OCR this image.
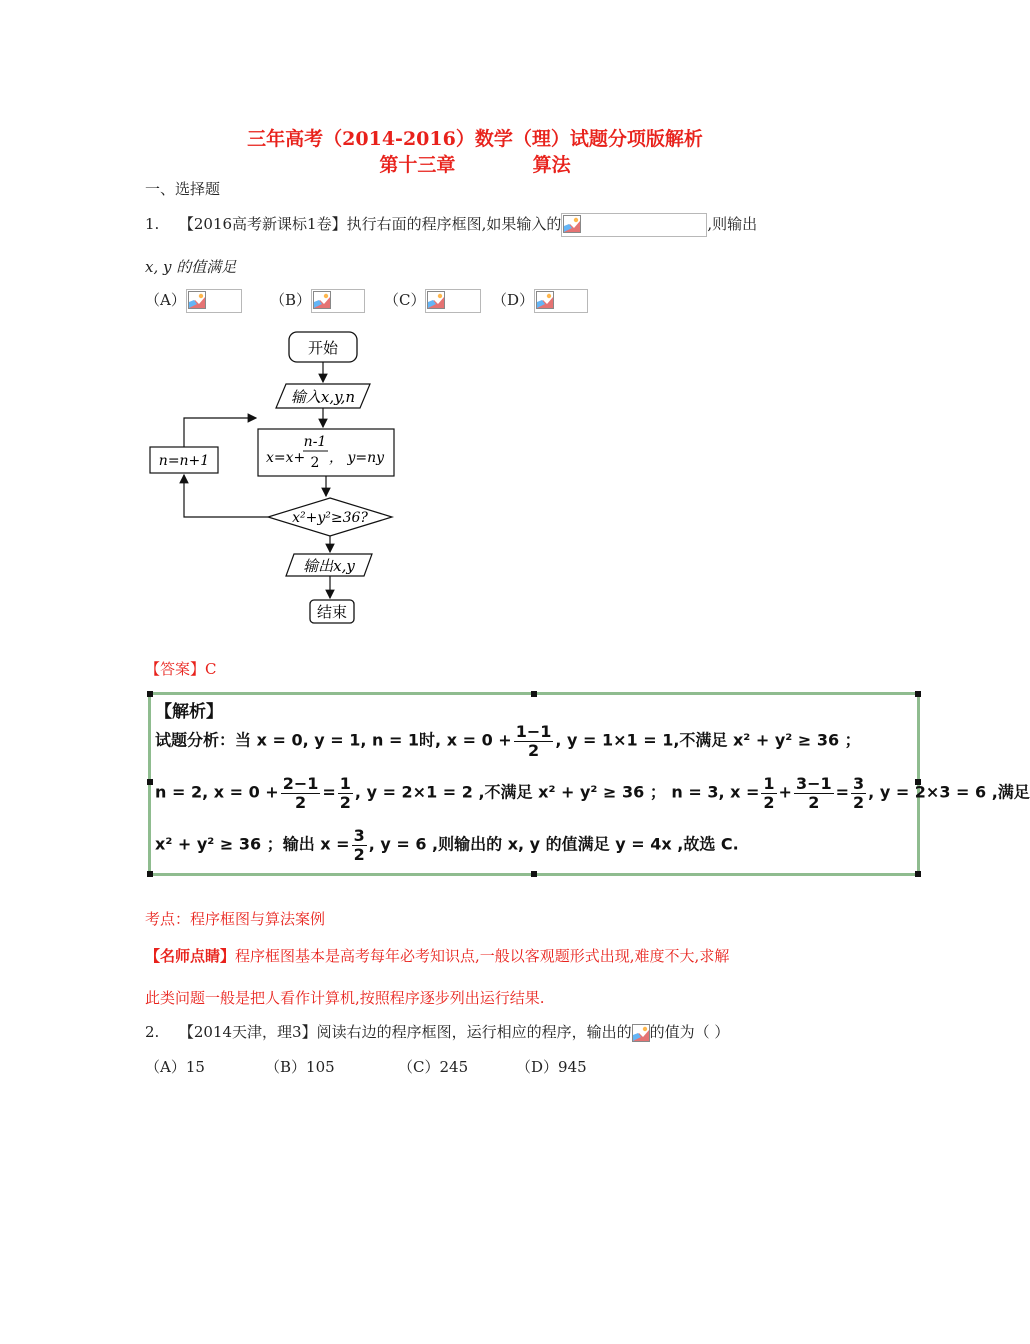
三年高考（2014-2016）数学（理）试题分项版解析
第十三章	算法
一、选择题
1. 【2016高考新课标1卷】执行右面的程序框图,如果输入的	,则输出
x, y 的值满足
（A）	（B）	（C）	（D）
开始
输入x,y,n
x=x+
n-1
2 ， y=ny
x²+y²≥36?
n=n+1
输出x,y
结束
【答案】C
【解析】
试题分析：当 x = 0, y = 1, n = 1时, $x = 0 + \frac{1-1}{2}$ , y = 1×1 = 1,不满足 x² + y² ≥ 36 ；
n = 2, $x = 0 + \frac{2-1}{2} = \frac{1}{2}$ , y = 2×1 = 2 ,不满足 x² + y² ≥ 36 ； n = 3, $x = \frac{1}{2} + \frac{3-1}{2} = \frac{3}{2}$ , y = 2×3 = 6 ,满足
x² + y² ≥ 36 ；输出 $x = \frac{3}{2}$ , y = 6 ,则输出的 x, y 的值满足 y = 4x ,故选 C.
考点：程序框图与算法案例
【名师点睛】程序框图基本是高考每年必考知识点,一般以客观题形式出现,难度不大,求解
此类问题一般是把人看作计算机,按照程序逐步列出运行结果.
2. 【2014天津，理3】阅读右边的程序框图，运行相应的程序，输出的 的值为（ ）
（A）15	（B）105	（C）245	（D）945
